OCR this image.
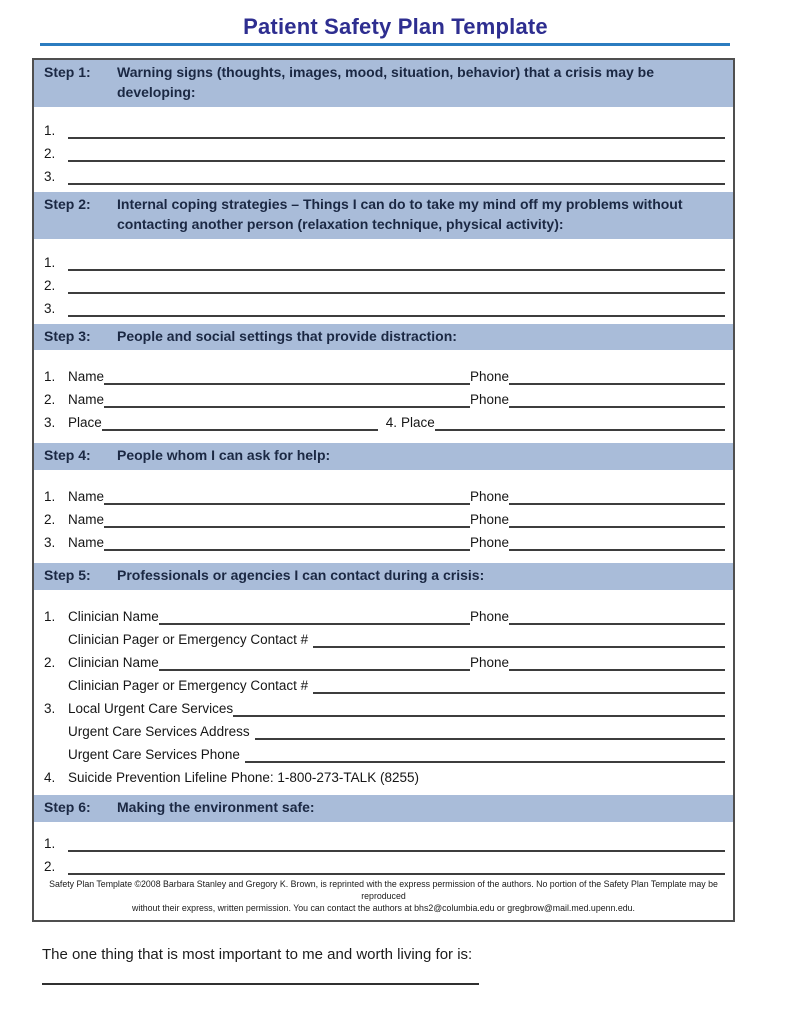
Patient Safety Plan Template
Step 1:	Warning signs (thoughts, images, mood, situation, behavior) that a crisis may be developing:
1.
2.
3.
Step 2:	Internal coping strategies – Things I can do to take my mind off my problems without contacting another person (relaxation technique, physical activity):
1.
2.
3.
Step 3:	People and social settings that provide distraction:
1. Name	Phone
2. Name	Phone
3. Place	4. Place
Step 4:	People whom I can ask for help:
1. Name	Phone
2. Name	Phone
3. Name	Phone
Step 5:	Professionals or agencies I can contact during a crisis:
1. Clinician Name	Phone
Clinician Pager or Emergency Contact #
2. Clinician Name	Phone
Clinician Pager or Emergency Contact #
3. Local Urgent Care Services
Urgent Care Services Address
Urgent Care Services Phone
4. Suicide Prevention Lifeline Phone: 1-800-273-TALK (8255)
Step 6:	Making the environment safe:
1.
2.
Safety Plan Template ©2008 Barbara Stanley and Gregory K. Brown, is reprinted with the express permission of the authors. No portion of the Safety Plan Template may be reproduced
without their express, written permission. You can contact the authors at bhs2@columbia.edu or gregbrow@mail.med.upenn.edu.
The one thing that is most important to me and worth living for is:
